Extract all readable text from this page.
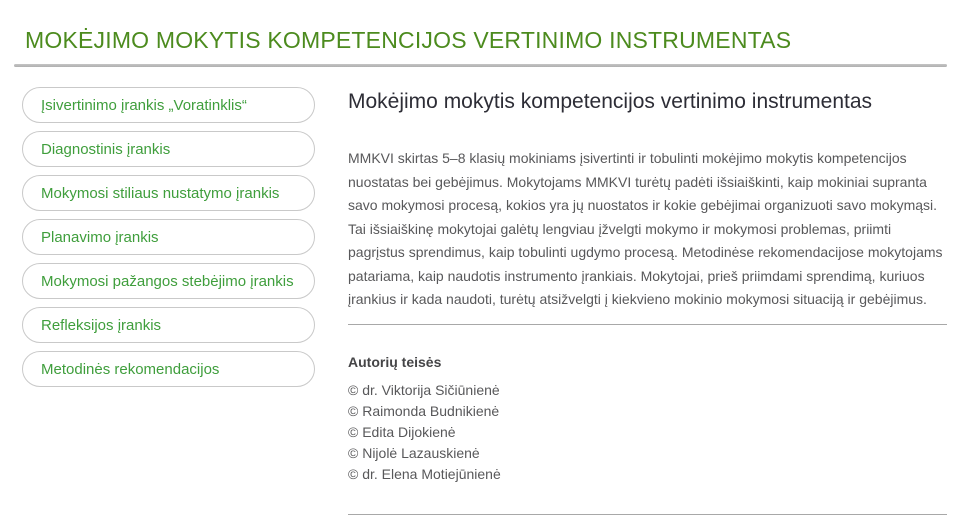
MOKĖJIMO MOKYTIS KOMPETENCIJOS VERTINIMO INSTRUMENTAS
Įsivertinimo įrankis „Voratinklis“
Diagnostinis įrankis
Mokymosi stiliaus nustatymo įrankis
Planavimo įrankis
Mokymosi pažangos stebėjimo įrankis
Refleksijos įrankis
Metodinės rekomendacijos
Mokėjimo mokytis kompetencijos vertinimo instrumentas

MMKVI skirtas 5–8 klasių mokiniams įsivertinti ir tobulinti mokėjimo mokytis kompetencijos nuostatas bei gebėjimus. Mokytojams MMKVI turėtų padėti išsiaiškinti, kaip mokiniai supranta savo mokymosi procesą, kokios yra jų nuostatos ir kokie gebėjimai organizuoti savo mokymąsi. Tai išsiaiškinę mokytojai galėtų lengviau įžvelgti mokymo ir mokymosi problemas, priimti pagrįstus sprendimus, kaip tobulinti ugdymo procesą. Metodinėse rekomendacijose mokytojams patariama, kaip naudotis instrumento įrankiais. Mokytojai, prieš priimdami sprendimą, kuriuos įrankius ir kada naudoti, turėtų atsižvelgti į kiekvieno mokinio mokymosi situaciją ir gebėjimus.

Autorių teisės
© dr. Viktorija Sičiūnienė
© Raimonda Budnikienė
© Edita Dijokienė
© Nijolė Lazauskienė
© dr. Elena Motiejūnienė
